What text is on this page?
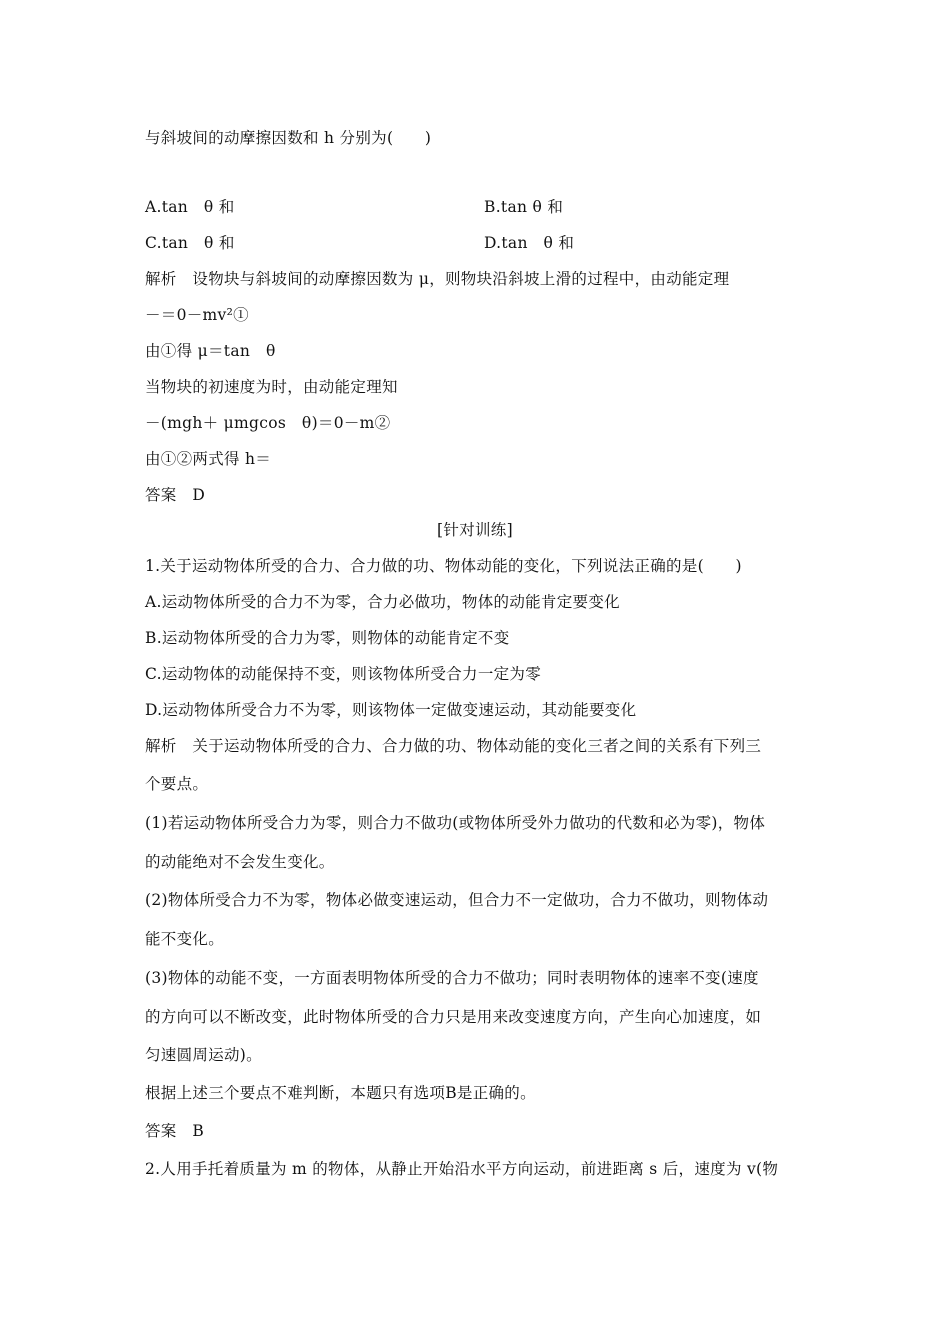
与斜坡间的动摩擦因数和 h 分别为(　　)
A.tan　θ 和	B.tan θ 和
C.tan　θ 和	D.tan　θ 和
解析　设物块与斜坡间的动摩擦因数为 μ，则物块沿斜坡上滑的过程中，由动能定理
－＝0－mv²①
由①得 μ＝tan　θ
当物块的初速度为时，由动能定理知
－(mgh＋ μmgcos　θ)＝0－m②
由①②两式得 h＝
答案　D
[针对训练]
1.关于运动物体所受的合力、合力做的功、物体动能的变化，下列说法正确的是(　　)
A.运动物体所受的合力不为零，合力必做功，物体的动能肯定要变化
B.运动物体所受的合力为零，则物体的动能肯定不变
C.运动物体的动能保持不变，则该物体所受合力一定为零
D.运动物体所受合力不为零，则该物体一定做变速运动，其动能要变化
解析　关于运动物体所受的合力、合力做的功、物体动能的变化三者之间的关系有下列三
个要点。
(1)若运动物体所受合力为零，则合力不做功(或物体所受外力做功的代数和必为零)，物体
的动能绝对不会发生变化。
(2)物体所受合力不为零，物体必做变速运动，但合力不一定做功，合力不做功，则物体动
能不变化。
(3)物体的动能不变，一方面表明物体所受的合力不做功；同时表明物体的速率不变(速度
的方向可以不断改变，此时物体所受的合力只是用来改变速度方向，产生向心加速度，如
匀速圆周运动)。
根据上述三个要点不难判断，本题只有选项B是正确的。
答案　B
2.人用手托着质量为 m 的物体，从静止开始沿水平方向运动，前进距离 s 后，速度为 v(物
